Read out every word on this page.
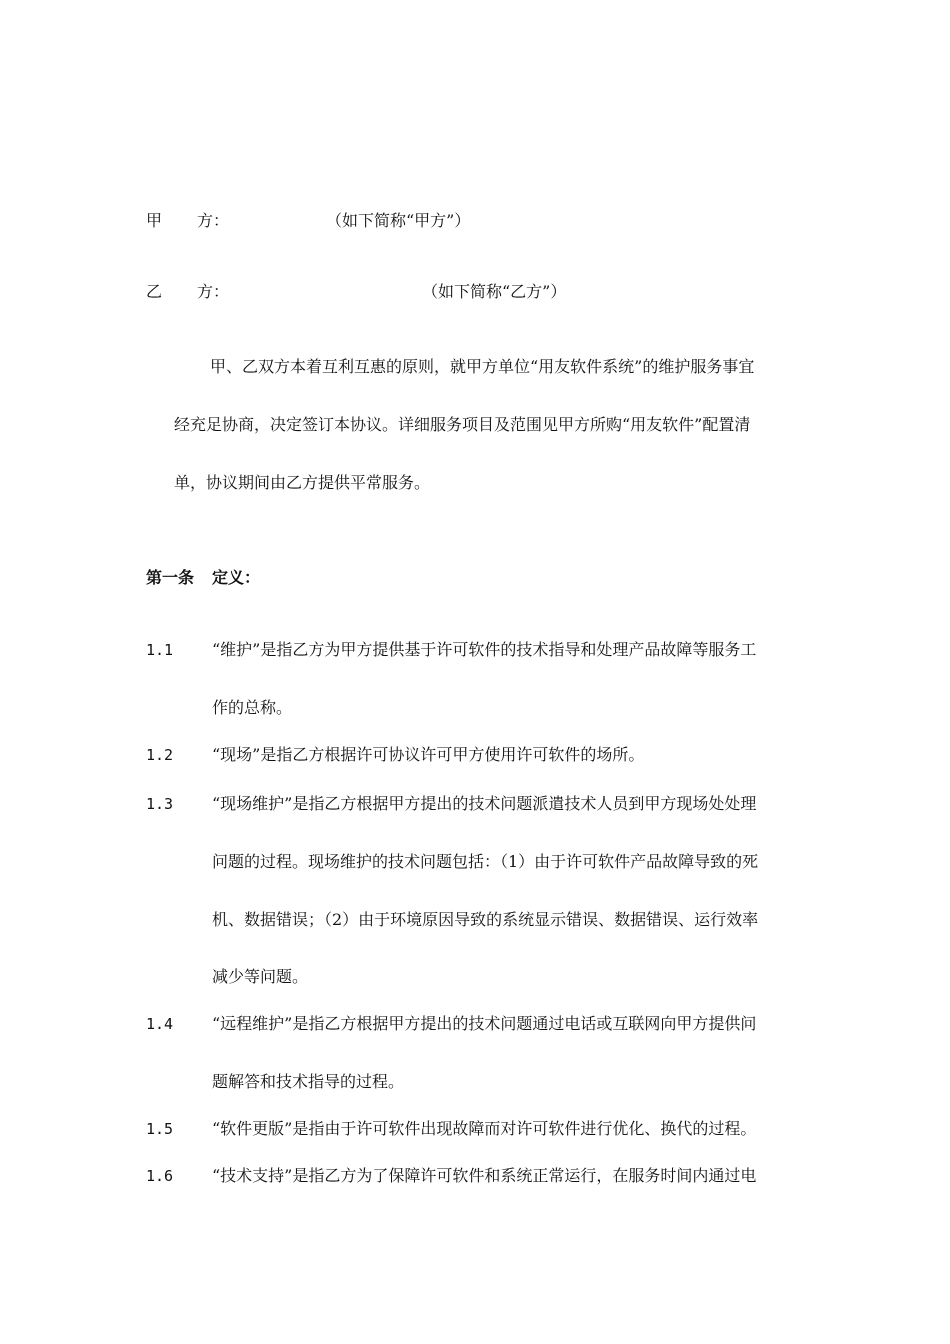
甲 方：	（如下简称“甲方”）
乙 方：	（如下简称“乙方”）
甲、乙双方本着互利互惠的原则，就甲方单位“用友软件系统”的维护服务事宜
经充足协商，决定签订本协议。详细服务项目及范围见甲方所购“用友软件”配置清
单，协议期间由乙方提供平常服务。
第一条 定义：
1.1 “维护”是指乙方为甲方提供基于许可软件的技术指导和处理产品故障等服务工
作的总称。
1.2 “现场”是指乙方根据许可协议许可甲方使用许可软件的场所。
1.3 “现场维护”是指乙方根据甲方提出的技术问题派遣技术人员到甲方现场处处理
问题的过程。现场维护的技术问题包括：（1）由于许可软件产品故障导致的死
机、数据错误；（2）由于环境原因导致的系统显示错误、数据错误、运行效率
减少等问题。
1.4 “远程维护”是指乙方根据甲方提出的技术问题通过电话或互联网向甲方提供问
题解答和技术指导的过程。
1.5 “软件更版”是指由于许可软件出现故障而对许可软件进行优化、换代的过程。
1.6 “技术支持”是指乙方为了保障许可软件和系统正常运行，在服务时间内通过电
